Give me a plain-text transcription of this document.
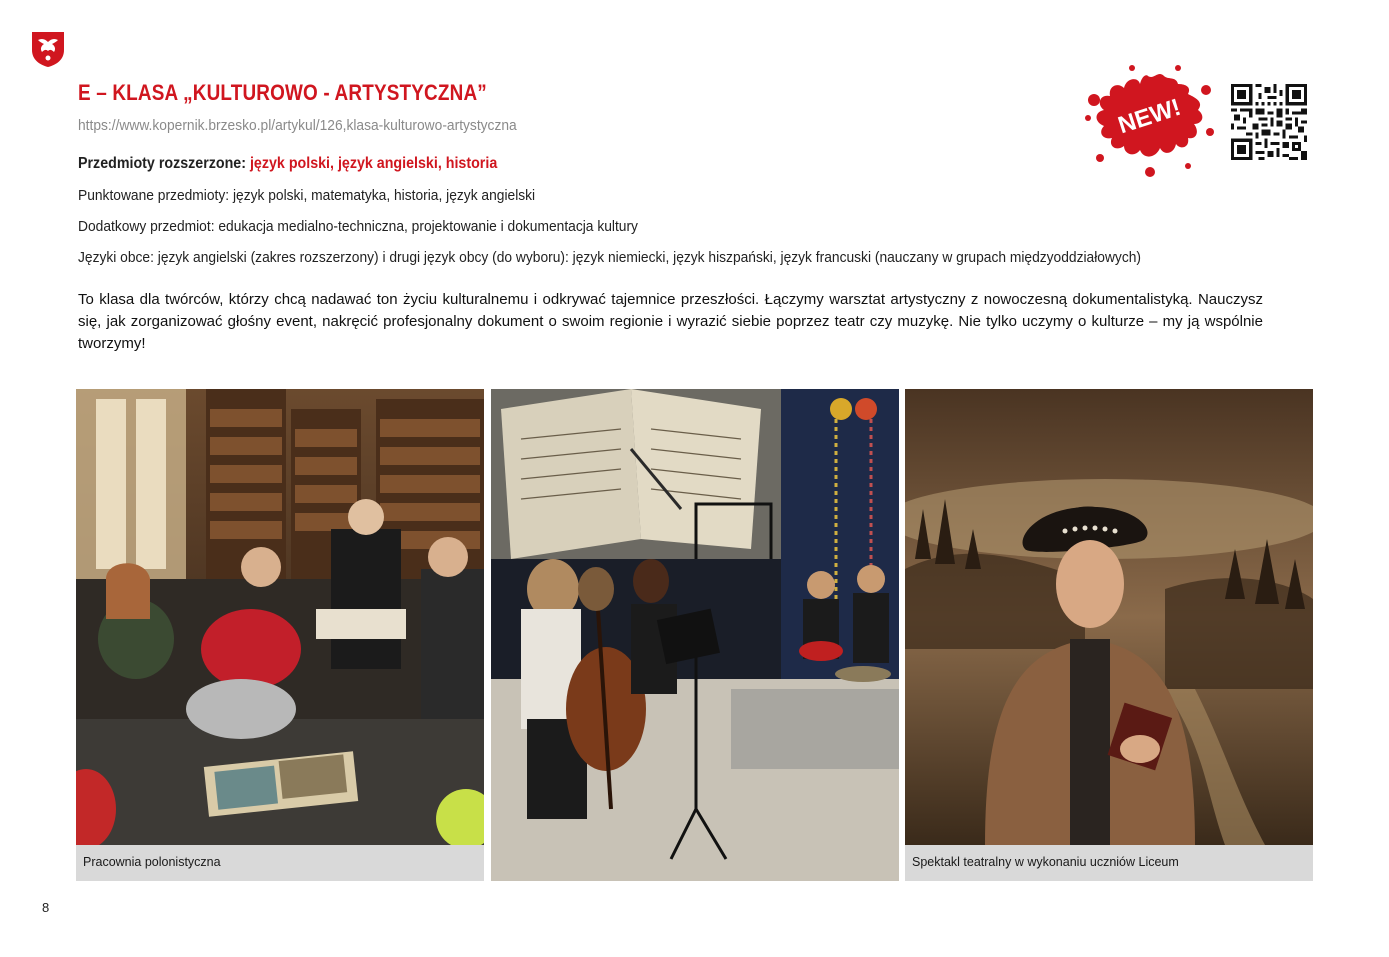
E – KLASA „KULTUROWO - ARTYSTYCZNA”
https://www.kopernik.brzesko.pl/artykul/126,klasa-kulturowo-artystyczna
Przedmioty rozszerzone: język polski, język angielski, historia
Punktowane przedmioty: język polski, matematyka, historia, język angielski
Dodatkowy przedmiot: edukacja medialno-techniczna, projektowanie i dokumentacja kultury
Języki obce: język angielski (zakres rozszerzony) i drugi język obcy (do wyboru): język niemiecki, język hiszpański, język francuski (nauczany w grupach międzyoddziałowych)
To klasa dla twórców, którzy chcą nadawać ton życiu kulturalnemu i odkrywać tajemnice przeszłości. Łączymy warsztat artystyczny z nowoczesną dokumentalistyką. Nauczysz się, jak zorganizować głośny event, nakręcić profesjonalny dokument o swoim regionie i wyrazić siebie poprzez teatr czy muzykę. Nie tylko uczymy o kulturze – my ją wspólnie tworzymy!
NEW!
Pracownia polonistyczna	Spektakl teatralny w wykonaniu uczniów Liceum
8
